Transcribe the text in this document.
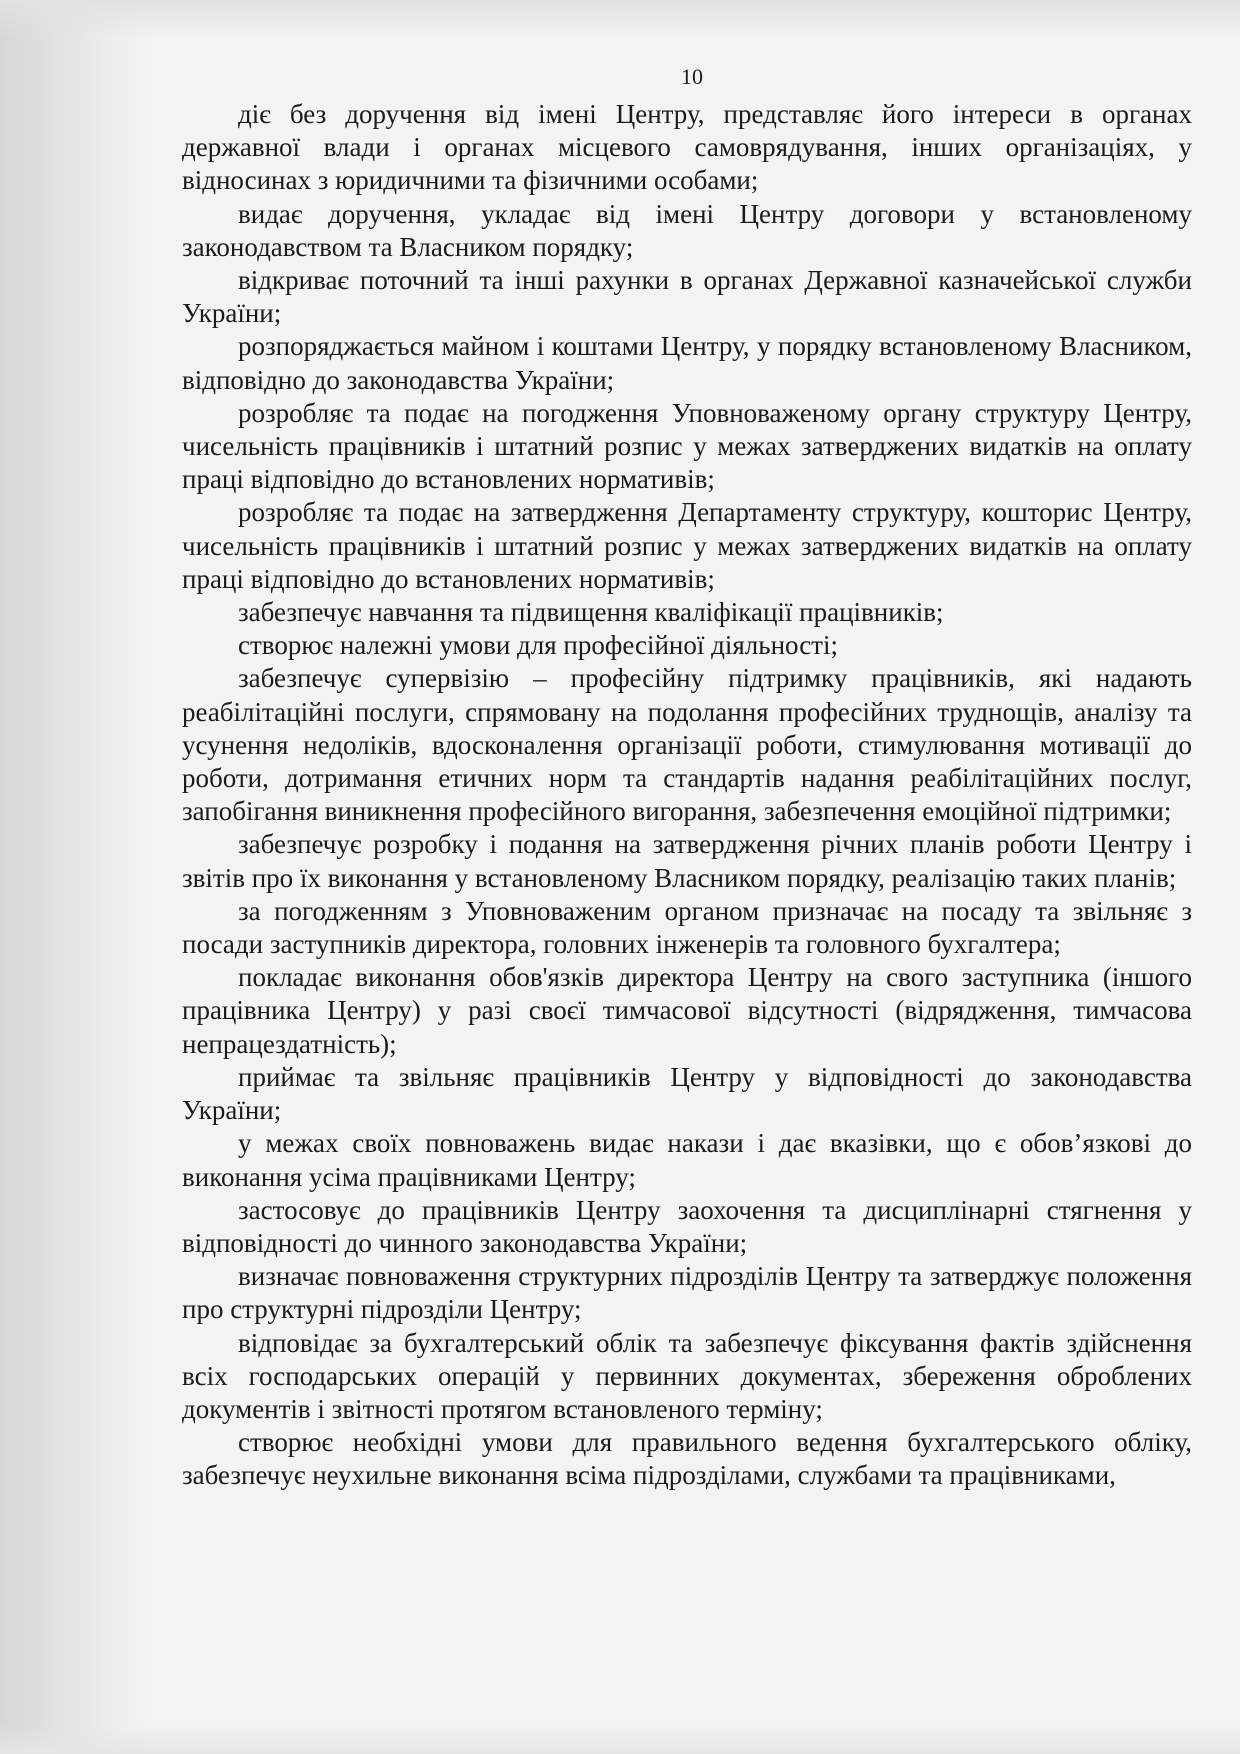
10

діє без доручення від імені Центру, представляє його інтереси в органах державної влади і органах місцевого самоврядування, інших організаціях, у відносинах з юридичними та фізичними особами;

видає доручення, укладає від імені Центру договори у встановленому законодавством та Власником порядку;

відкриває поточний та інші рахунки в органах Державної казначейської служби України;

розпоряджається майном і коштами Центру, у порядку встановленому Власником, відповідно до законодавства України;

розробляє та подає на погодження Уповноваженому органу структуру Центру, чисельність працівників і штатний розпис у межах затверджених видатків на оплату праці відповідно до встановлених нормативів;

розробляє та подає на затвердження Департаменту структуру, кошторис Центру, чисельність працівників і штатний розпис у межах затверджених видатків на оплату праці відповідно до встановлених нормативів;

забезпечує навчання та підвищення кваліфікації працівників;

створює належні умови для професійної діяльності;

забезпечує супервізію – професійну підтримку працівників, які надають реабілітаційні послуги, спрямовану на подолання професійних труднощів, аналізу та усунення недоліків, вдосконалення організації роботи, стимулювання мотивації до роботи, дотримання етичних норм та стандартів надання реабілітаційних послуг, запобігання виникнення професійного вигорання, забезпечення емоційної підтримки;

забезпечує розробку і подання на затвердження річних планів роботи Центру і звітів про їх виконання у встановленому Власником порядку, реалізацію таких планів;

за погодженням з Уповноваженим органом призначає на посаду та звільняє з посади заступників директора, головних інженерів та головного бухгалтера;

покладає виконання обов'язків директора Центру на свого заступника (іншого працівника Центру) у разі своєї тимчасової відсутності (відрядження, тимчасова непрацездатність);

приймає та звільняє працівників Центру у відповідності до законодавства України;

у межах своїх повноважень видає накази і дає вказівки, що є обов’язкові до виконання усіма працівниками Центру;

застосовує до працівників Центру заохочення та дисциплінарні стягнення у відповідності до чинного законодавства України;

визначає повноваження структурних підрозділів Центру та затверджує положення про структурні підрозділи Центру;

відповідає за бухгалтерський облік та забезпечує фіксування фактів здійснення всіх господарських операцій у первинних документах, збереження оброблених документів і звітності протягом встановленого терміну;

створює необхідні умови для правильного ведення бухгалтерського обліку, забезпечує неухильне виконання всіма підрозділами, службами та працівниками,
